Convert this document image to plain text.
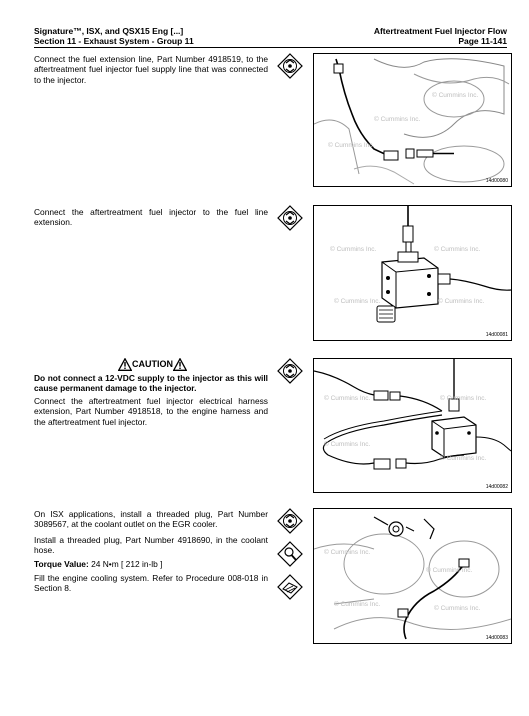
Signature™, ISX, and QSX15 Eng [...]
Section 11 - Exhaust System - Group 11
Aftertreatment Fuel Injector Flow
Page 11-141

Connect the fuel extension line, Part Number 4918519, to the aftertreatment fuel injector fuel supply line that was connected to the injector.

© Cummins Inc.
© Cummins Inc.
© Cummins Inc.
14d00080

Connect the aftertreatment fuel injector to the fuel line extension.

© Cummins Inc.	© Cummins Inc.
© Cummins Inc.	© Cummins Inc.
14d00081
CAUTION

Do not connect a 12-VDC supply to the injector as this will cause permanent damage to the injector.

Connect the aftertreatment fuel injector electrical harness extension, Part Number 4918518, to the engine harness and the aftertreatment fuel injector.

© Cummins Inc.	© Cummins Inc.
© Cummins Inc.
© Cummins Inc.
14d00082

On ISX applications, install a threaded plug, Part Number 3089567, at the coolant outlet on the EGR cooler.

Install a threaded plug, Part Number 4918690, in the coolant hose.

Torque Value: 24 N•m [ 212 in-lb ]

Fill the engine cooling system. Refer to Procedure 008-018 in Section 8.

© Cummins Inc.
© Cummins Inc.
© Cummins Inc.
© Cummins Inc.
14d00083
